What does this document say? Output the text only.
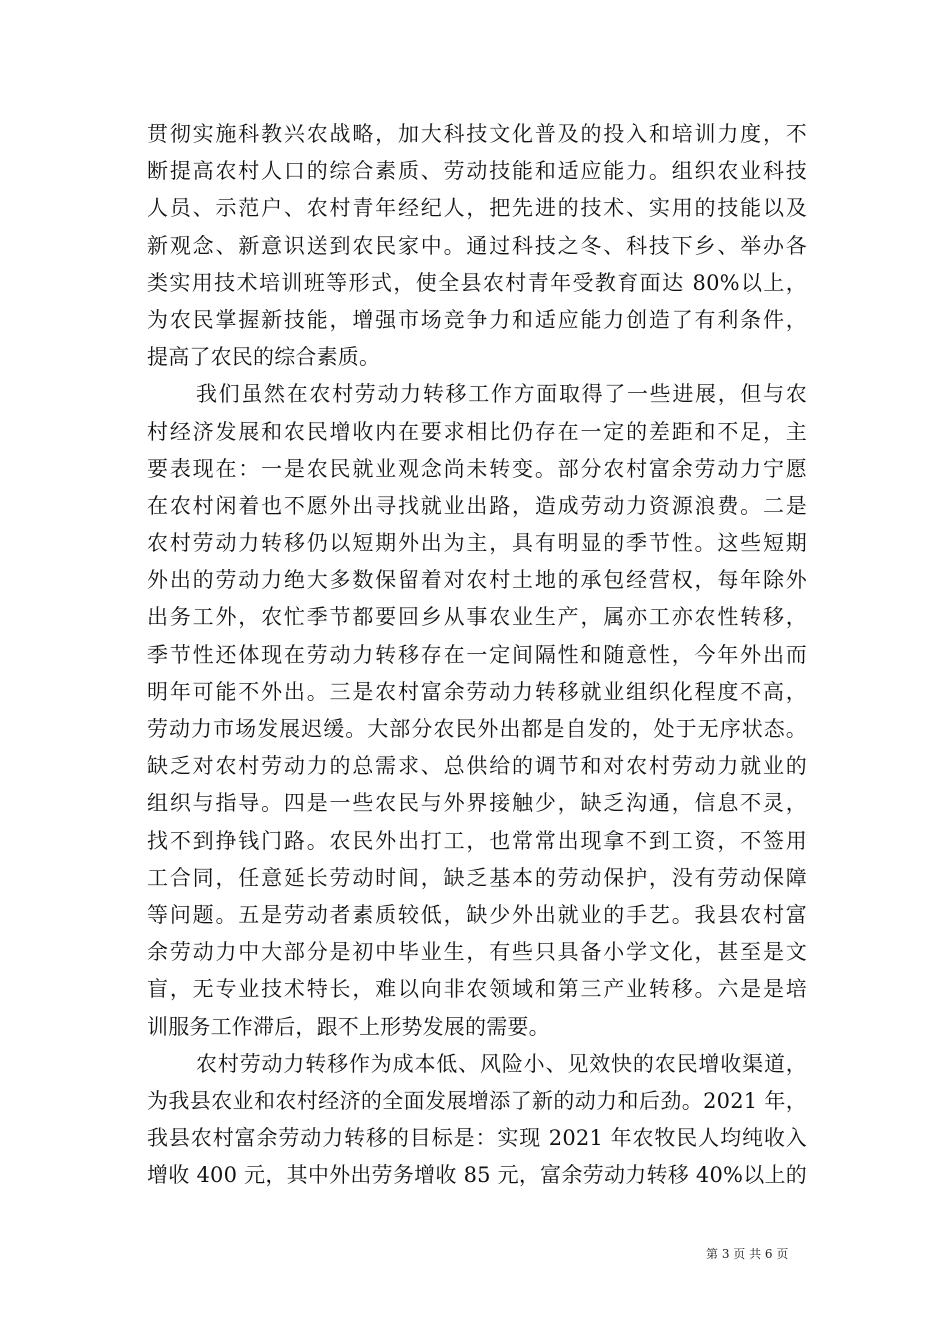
贯彻实施科教兴农战略，加大科技文化普及的投入和培训力度，不
断提高农村人口的综合素质、劳动技能和适应能力。组织农业科技
人员、示范户、农村青年经纪人，把先进的技术、实用的技能以及
新观念、新意识送到农民家中。通过科技之冬、科技下乡、举办各
类实用技术培训班等形式，使全县农村青年受教育面达 80%以上，
为农民掌握新技能，增强市场竞争力和适应能力创造了有利条件，
提高了农民的综合素质。
我们虽然在农村劳动力转移工作方面取得了一些进展，但与农
村经济发展和农民增收内在要求相比仍存在一定的差距和不足，主
要表现在：一是农民就业观念尚未转变。部分农村富余劳动力宁愿
在农村闲着也不愿外出寻找就业出路，造成劳动力资源浪费。二是
农村劳动力转移仍以短期外出为主，具有明显的季节性。这些短期
外出的劳动力绝大多数保留着对农村土地的承包经营权，每年除外
出务工外，农忙季节都要回乡从事农业生产，属亦工亦农性转移，
季节性还体现在劳动力转移存在一定间隔性和随意性，今年外出而
明年可能不外出。三是农村富余劳动力转移就业组织化程度不高，
劳动力市场发展迟缓。大部分农民外出都是自发的，处于无序状态。
缺乏对农村劳动力的总需求、总供给的调节和对农村劳动力就业的
组织与指导。四是一些农民与外界接触少，缺乏沟通，信息不灵，
找不到挣钱门路。农民外出打工，也常常出现拿不到工资，不签用
工合同，任意延长劳动时间，缺乏基本的劳动保护，没有劳动保障
等问题。五是劳动者素质较低，缺少外出就业的手艺。我县农村富
余劳动力中大部分是初中毕业生，有些只具备小学文化，甚至是文
盲，无专业技术特长，难以向非农领域和第三产业转移。六是是培
训服务工作滞后，跟不上形势发展的需要。
农村劳动力转移作为成本低、风险小、见效快的农民增收渠道，
为我县农业和农村经济的全面发展增添了新的动力和后劲。2021 年，
我县农村富余劳动力转移的目标是：实现 2021 年农牧民人均纯收入
增收 400 元，其中外出劳务增收 85 元，富余劳动力转移 40%以上的
第 3 页 共 6 页
